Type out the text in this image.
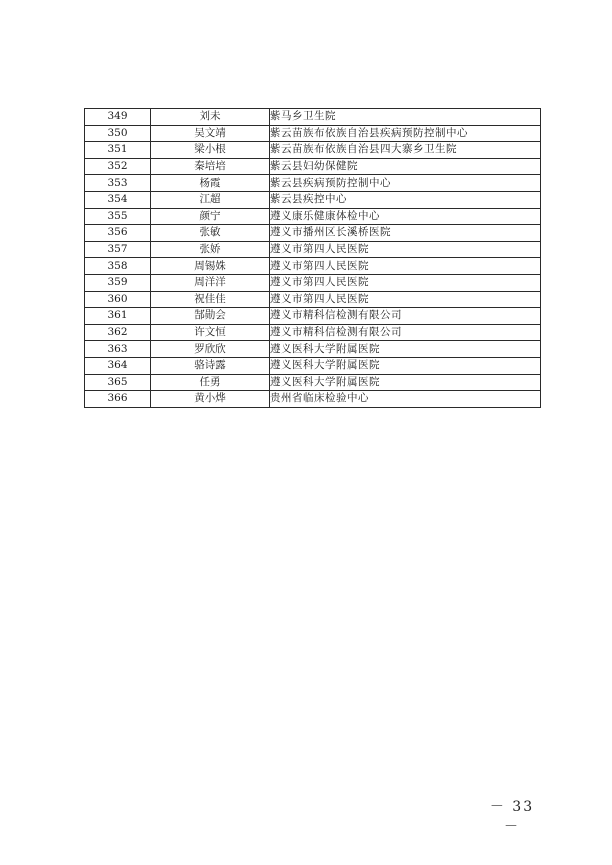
349	刘未	紫马乡卫生院
350	吴文靖	紫云苗族布依族自治县疾病预防控制中心
351	梁小根	紫云苗族布依族自治县四大寨乡卫生院
352	秦培培	紫云县妇幼保健院
353	杨霞	紫云县疾病预防控制中心
354	江超	紫云县疾控中心
355	颜宁	遵义康乐健康体检中心
356	张敏	遵义市播州区长溪桥医院
357	张娇	遵义市第四人民医院
358	周锡姝	遵义市第四人民医院
359	周洋洋	遵义市第四人民医院
360	祝佳佳	遵义市第四人民医院
361	郜勋会	遵义市精科信检测有限公司
362	许文恒	遵义市精科信检测有限公司
363	罗欣欣	遵义医科大学附属医院
364	骆诗露	遵义医科大学附属医院
365	任勇	遵义医科大学附属医院
366	黄小烨	贵州省临床检验中心
－ 33 －
